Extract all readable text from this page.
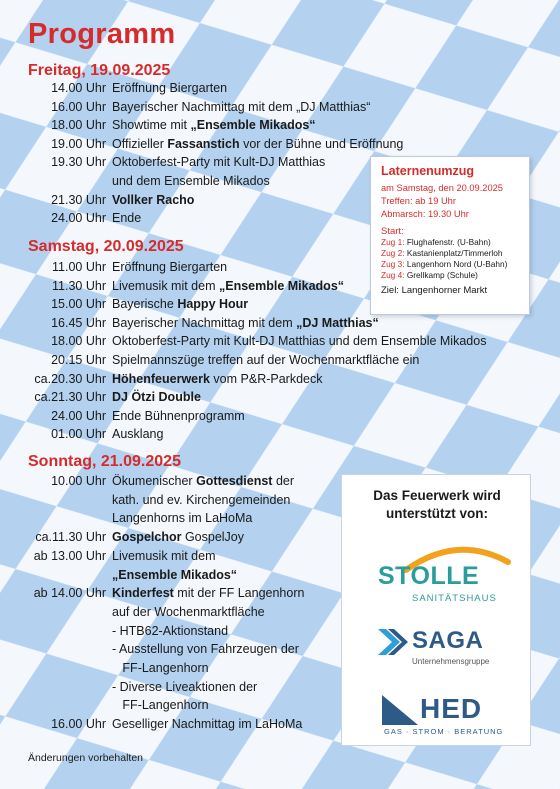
Programm
Freitag, 19.09.2025
14.00 Uhr Eröffnung Biergarten
16.00 Uhr Bayerischer Nachmittag mit dem „DJ Matthias“
18.00 Uhr Showtime mit „Ensemble Mikados“
19.00 Uhr Offizieller Fassanstich vor der Bühne und Eröffnung
19.30 Uhr Oktoberfest-Party mit Kult-DJ Matthias
und dem Ensemble Mikados
21.30 Uhr Vollker Racho
24.00 Uhr Ende
Samstag, 20.09.2025
11.00 Uhr Eröffnung Biergarten
11.30 Uhr Livemusik mit dem „Ensemble Mikados“
15.00 Uhr Bayerische Happy Hour
16.45 Uhr Bayerischer Nachmittag mit dem „DJ Matthias“
18.00 Uhr Oktoberfest-Party mit Kult-DJ Matthias und dem Ensemble Mikados
20.15 Uhr Spielmannszüge treffen auf der Wochenmarktfläche ein
ca.20.30 Uhr Höhenfeuerwerk vom P&R-Parkdeck
ca.21.30 Uhr DJ Ötzi Double
24.00 Uhr Ende Bühnenprogramm
01.00 Uhr Ausklang
Sonntag, 21.09.2025
10.00 Uhr Ökumenischer Gottesdienst der
kath. und ev. Kirchengemeinden
Langenhorns im LaHoMa
ca.11.30 Uhr Gospelchor GospelJoy
ab 13.00 Uhr Livemusik mit dem
„Ensemble Mikados“
ab 14.00 Uhr Kinderfest mit der FF Langenhorn
auf der Wochenmarktfläche
- HTB62-Aktionstand
- Ausstellung von Fahrzeugen der
FF-Langenhorn
- Diverse Liveaktionen der
FF-Langenhorn
16.00 Uhr Geselliger Nachmittag im LaHoMa
Laternenumzug
am Samstag, den 20.09.2025
Treffen: ab 19 Uhr
Abmarsch: 19.30 Uhr
Start:
Zug 1: Flughafenstr. (U-Bahn)
Zug 2: Kastanienplatz/Timmerloh
Zug 3: Langenhorn Nord (U-Bahn)
Zug 4: Grellkamp (Schule)
Ziel: Langenhorner Markt
Das Feuerwerk wird
unterstützt von:
STOLLE
SANITÄTSHAUS
SAGA
Unternehmensgruppe
HED
GAS · STROM · BERATUNG
Änderungen vorbehalten
